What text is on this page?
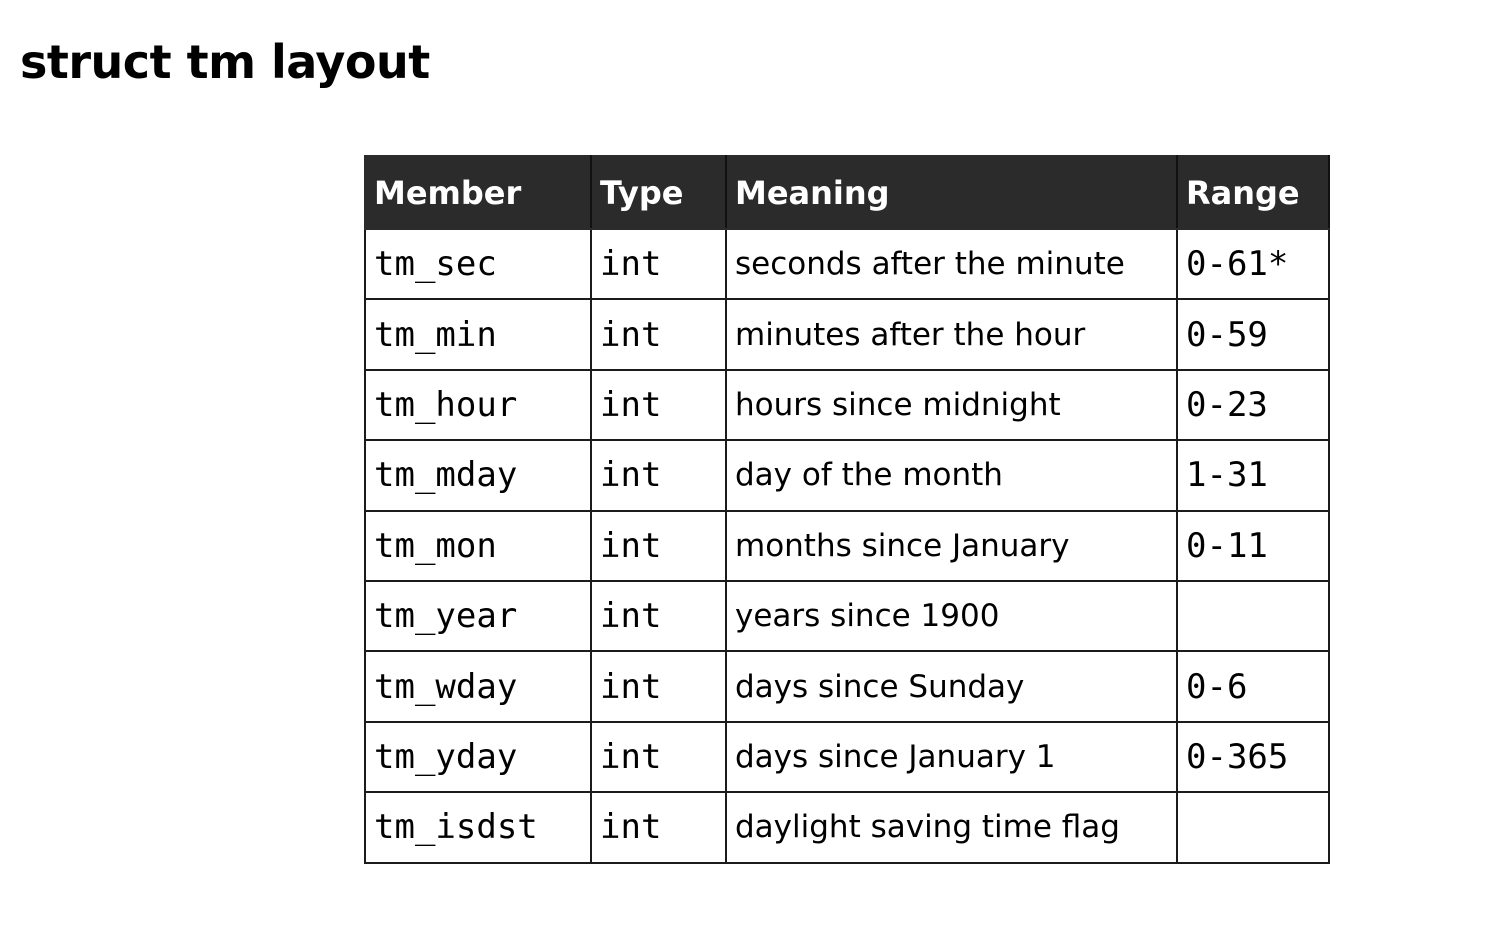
struct tm layout
Member	Type	Meaning	Range
tm_sec	int	seconds after the minute	0-61*
tm_min	int	minutes after the hour	0-59
tm_hour	int	hours since midnight	0-23
tm_mday	int	day of the month	1-31
tm_mon	int	months since January	0-11
tm_year	int	years since 1900	
tm_wday	int	days since Sunday	0-6
tm_yday	int	days since January 1	0-365
tm_isdst	int	daylight saving time flag	
